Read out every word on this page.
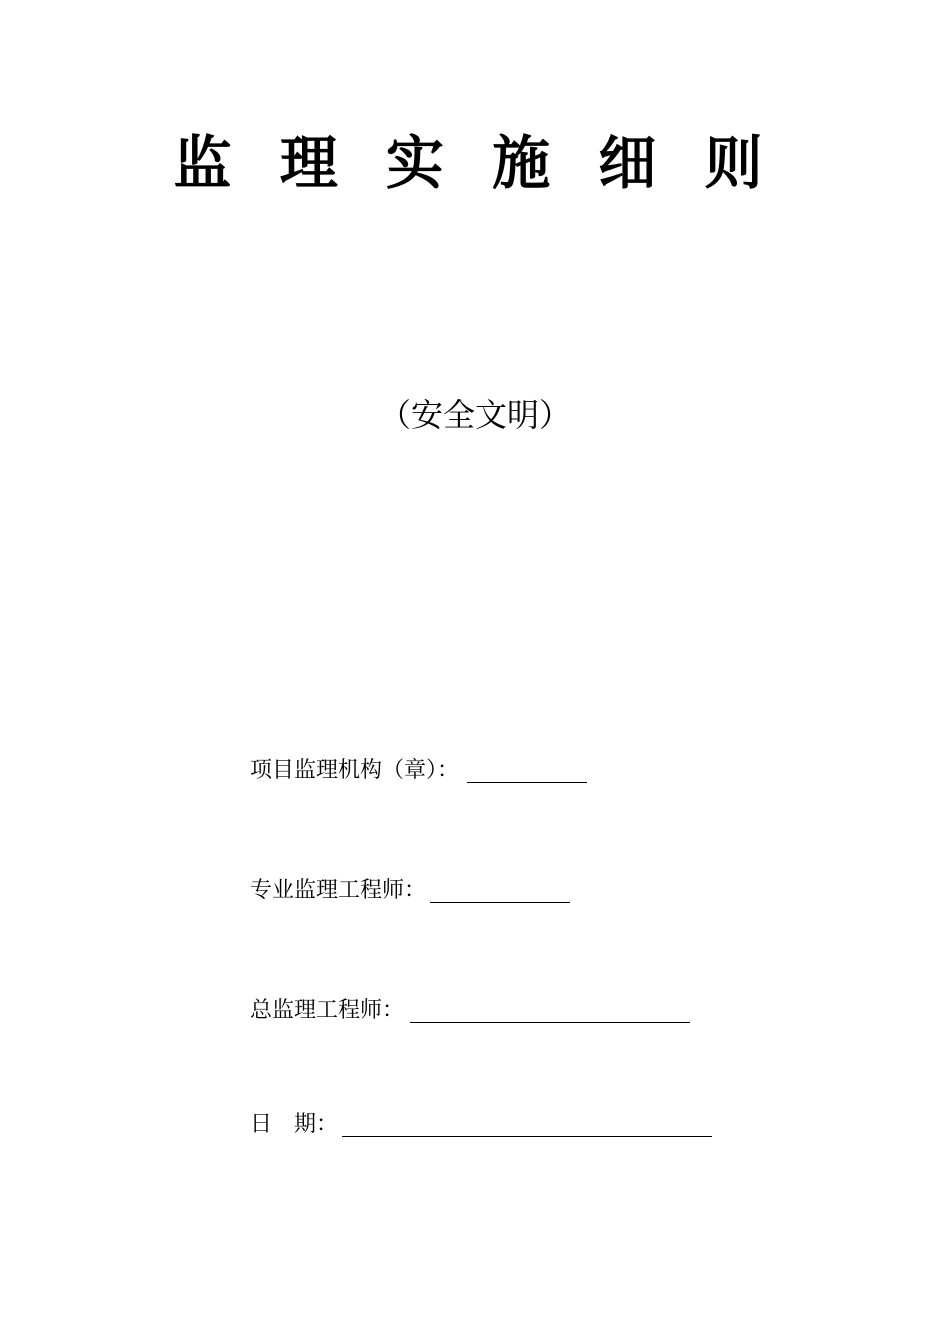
监 理 实 施 细 则
（安全文明）
项目监理机构（章）：
专业监理工程师：
总监理工程师：
日　期：
